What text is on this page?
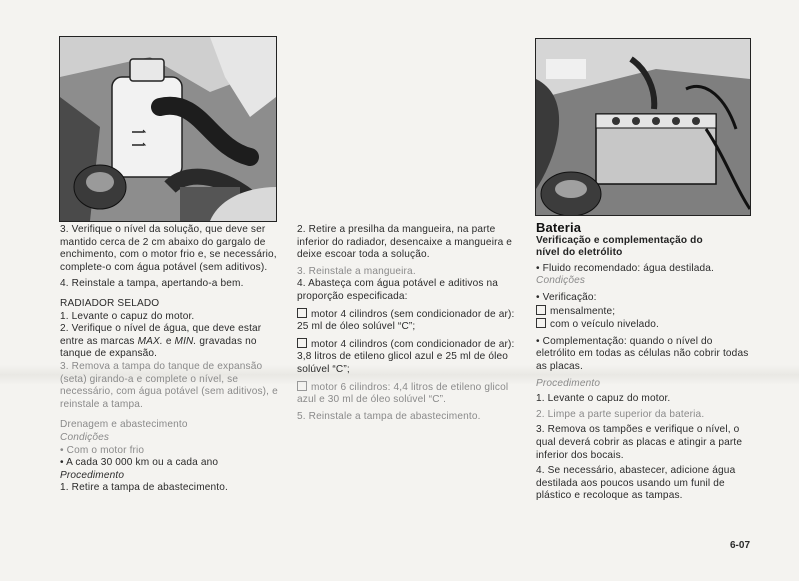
3. Verifique o nível da solução, que deve ser mantido cerca de 2 cm abaixo do gargalo de enchimento, com o motor frio e, se necessário, complete-o com água potável (sem aditivos).

4. Reinstale a tampa, apertando-a bem.

RADIADOR SELADO

1. Levante o capuz do motor.

2. Verifique o nível de água, que deve estar entre as marcas MAX. e MIN. gravadas no tanque de expansão.

3. Remova a tampa do tanque de expansão (seta) girando-a e complete o nível, se necessário, com água potável (sem aditivos), e reinstale a tampa.

Drenagem e abastecimento

Condições

• Com o motor frio

• A cada 30 000 km ou a cada ano

Procedimento

1. Retire a tampa de abastecimento.

2. Retire a presilha da mangueira, na parte inferior do radiador, desencaixe a mangueira e deixe escoar toda a solução.

3. Reinstale a mangueira.

4. Abasteça com água potável e aditivos na proporção especificada:

motor 4 cilindros (sem condicionador de ar): 25 ml de óleo solúvel “C”;

motor 4 cilindros (com condicionador de ar): 3,8 litros de etileno glicol azul e 25 ml de óleo solúvel “C”;

motor 6 cilindros: 4,4 litros de etileno glicol azul e 30 ml de óleo solúvel “C”.

5. Reinstale a tampa de abastecimento.

Bateria

Verificação e complementação do nível do eletrólito

• Fluido recomendado: água destilada.

Condições

• Verificação:

mensalmente;

com o veículo nivelado.

• Complementação: quando o nível do eletrólito em todas as células não cobrir todas as placas.

Procedimento

1. Levante o capuz do motor.

2. Limpe a parte superior da bateria.

3. Remova os tampões e verifique o nível, o qual deverá cobrir as placas e atingir a parte inferior dos bocais.

4. Se necessário, abastecer, adicione água destilada aos poucos usando um funil de plástico e recoloque as tampas.

6-07
